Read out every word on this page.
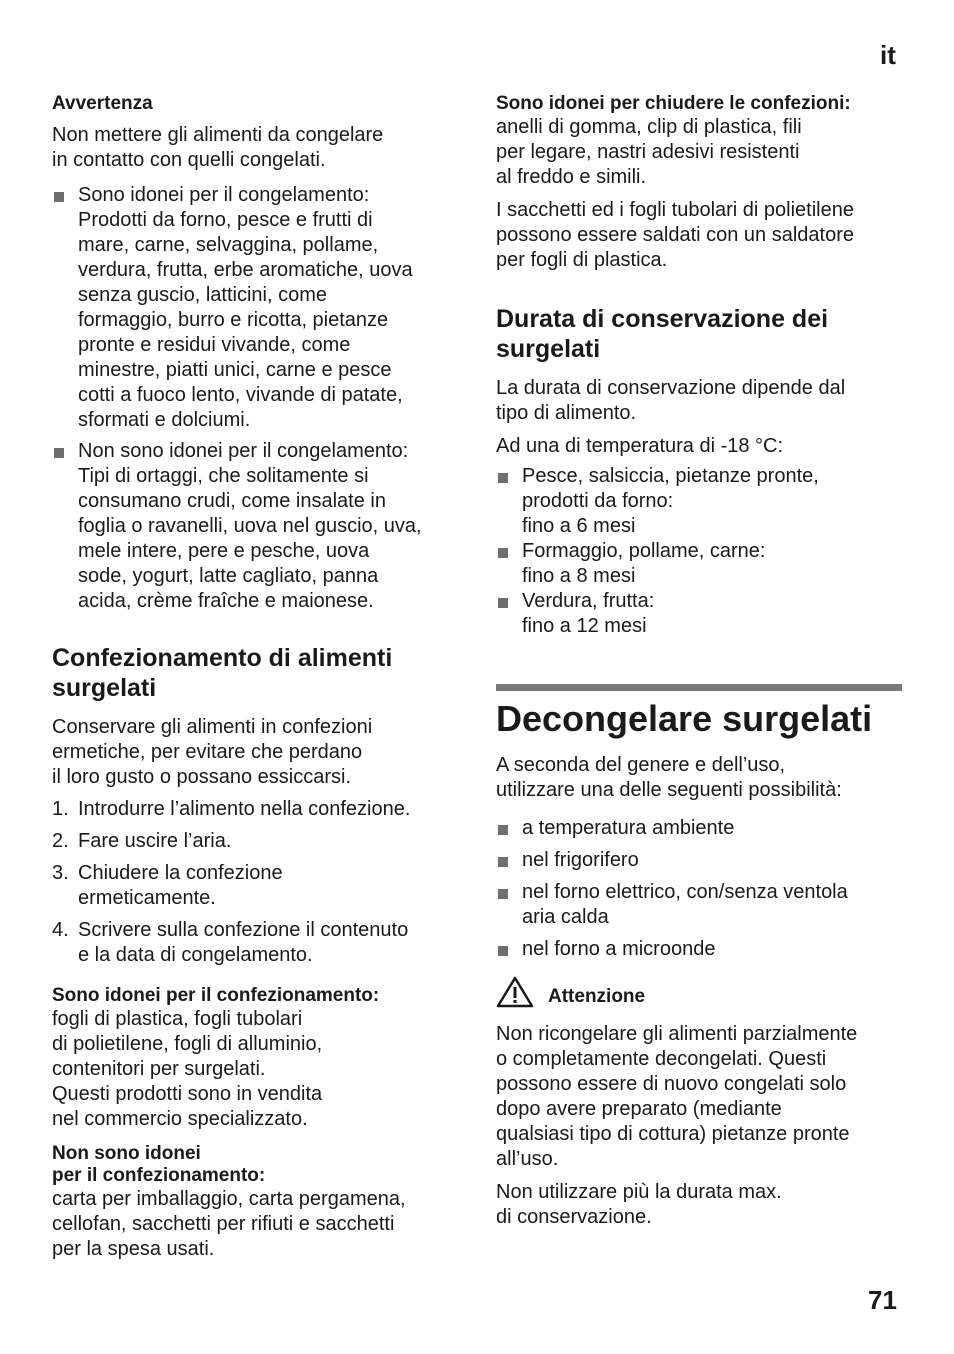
it

Avvertenza

Non mettere gli alimenti da congelare
in contatto con quelli congelati.

Sono idonei per il congelamento:
Prodotti da forno, pesce e frutti di
mare, carne, selvaggina, pollame,
verdura, frutta, erbe aromatiche, uova
senza guscio, latticini, come
formaggio, burro e ricotta, pietanze
pronte e residui vivande, come
minestre, piatti unici, carne e pesce
cotti a fuoco lento, vivande di patate,
sformati e dolciumi.
Non sono idonei per il congelamento:
Tipi di ortaggi, che solitamente si
consumano crudi, come insalate in
foglia o ravanelli, uova nel guscio, uva,
mele intere, pere e pesche, uova
sode, yogurt, latte cagliato, panna
acida, crème fraîche e maionese.

Confezionamento di alimenti
surgelati

Conservare gli alimenti in confezioni
ermetiche, per evitare che perdano
il loro gusto o possano essiccarsi.

1. Introdurre l’alimento nella confezione.
2. Fare uscire l’aria.
3. Chiudere la confezione
ermeticamente.
4. Scrivere sulla confezione il contenuto
e la data di congelamento.

Sono idonei per il confezionamento:

fogli di plastica, fogli tubolari
di polietilene, fogli di alluminio,
contenitori per surgelati.
Questi prodotti sono in vendita
nel commercio specializzato.

Non sono idonei
per il confezionamento:

carta per imballaggio, carta pergamena,
cellofan, sacchetti per rifiuti e sacchetti
per la spesa usati.

Sono idonei per chiudere le confezioni:

anelli di gomma, clip di plastica, fili
per legare, nastri adesivi resistenti
al freddo e simili.

I sacchetti ed i fogli tubolari di polietilene
possono essere saldati con un saldatore
per fogli di plastica.

Durata di conservazione dei
surgelati

La durata di conservazione dipende dal
tipo di alimento.

Ad una di temperatura di -18 °C:

Pesce, salsiccia, pietanze pronte,
prodotti da forno:
fino a 6 mesi
Formaggio, pollame, carne:
fino a 8 mesi
Verdura, frutta:
fino a 12 mesi

Decongelare surgelati

A seconda del genere e dell’uso,
utilizzare una delle seguenti possibilità:

a temperatura ambiente
nel frigorifero
nel forno elettrico, con/senza ventola
aria calda
nel forno a microonde

Attenzione

Non ricongelare gli alimenti parzialmente
o completamente decongelati. Questi
possono essere di nuovo congelati solo
dopo avere preparato (mediante
qualsiasi tipo di cottura) pietanze pronte
all’uso.

Non utilizzare più la durata max.
di conservazione.

71
